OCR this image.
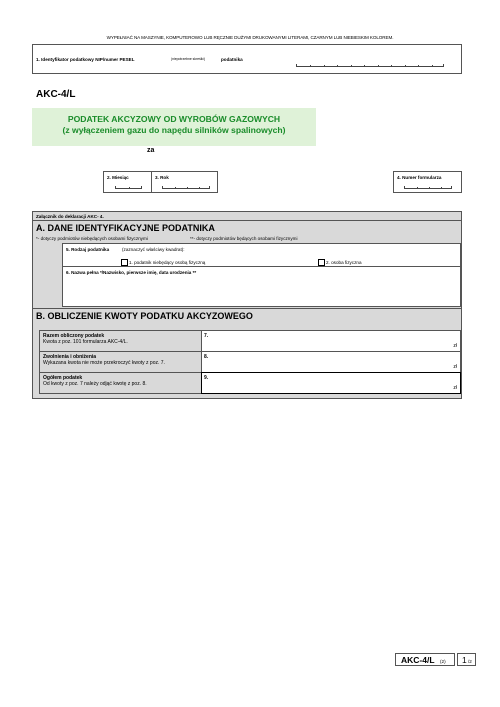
WYPEŁNIAĆ NA MASZYNIE, KOMPUTEROWO LUB RĘCZNIE DUŻYMI DRUKOWANYMI LITERAMI, CZARNYM LUB NIEBIESKIM KOLOREM.
1. Identyfikator podatkowy NIP/numer PESEL	(niepotrzebne skreślić)	podatnika
AKC-4/L
PODATEK AKCYZOWY OD WYROBÓW GAZOWYCH
(z wyłączeniem gazu do napędu silników spalinowych)
za
2. Miesiąc	3. Rok	4. Numer formularza
Załącznik do deklaracji AKC- 4.
A. DANE IDENTYFIKACYJNE PODATNIKA
*- dotyczy podmiotów niebędących osobami fizycznymi	**- dotyczy podmiotów będących osobami fizycznymi
5. Rodzaj podatnika	(zaznaczyć właściwy kwadrat):
1. podatnik niebędący osobą fizyczną	2. osoba fizyczna
6. Nazwa pełna */Nazwisko, pierwsze imię, data urodzenia **
B. OBLICZENIE KWOTY PODATKU AKCYZOWEGO
Razem obliczony podatek
Kwota z poz. 101 formularza AKC-4/L.
7.
zł
Zwolnienia i obniżenia
Wykazana kwota nie może przekroczyć kwoty z poz. 7.
8.
zł
Ogółem podatek
Od kwoty z poz. 7 należy odjąć kwotę z poz. 8.
9.
zł
AKC-4/L (2) 1 /2
